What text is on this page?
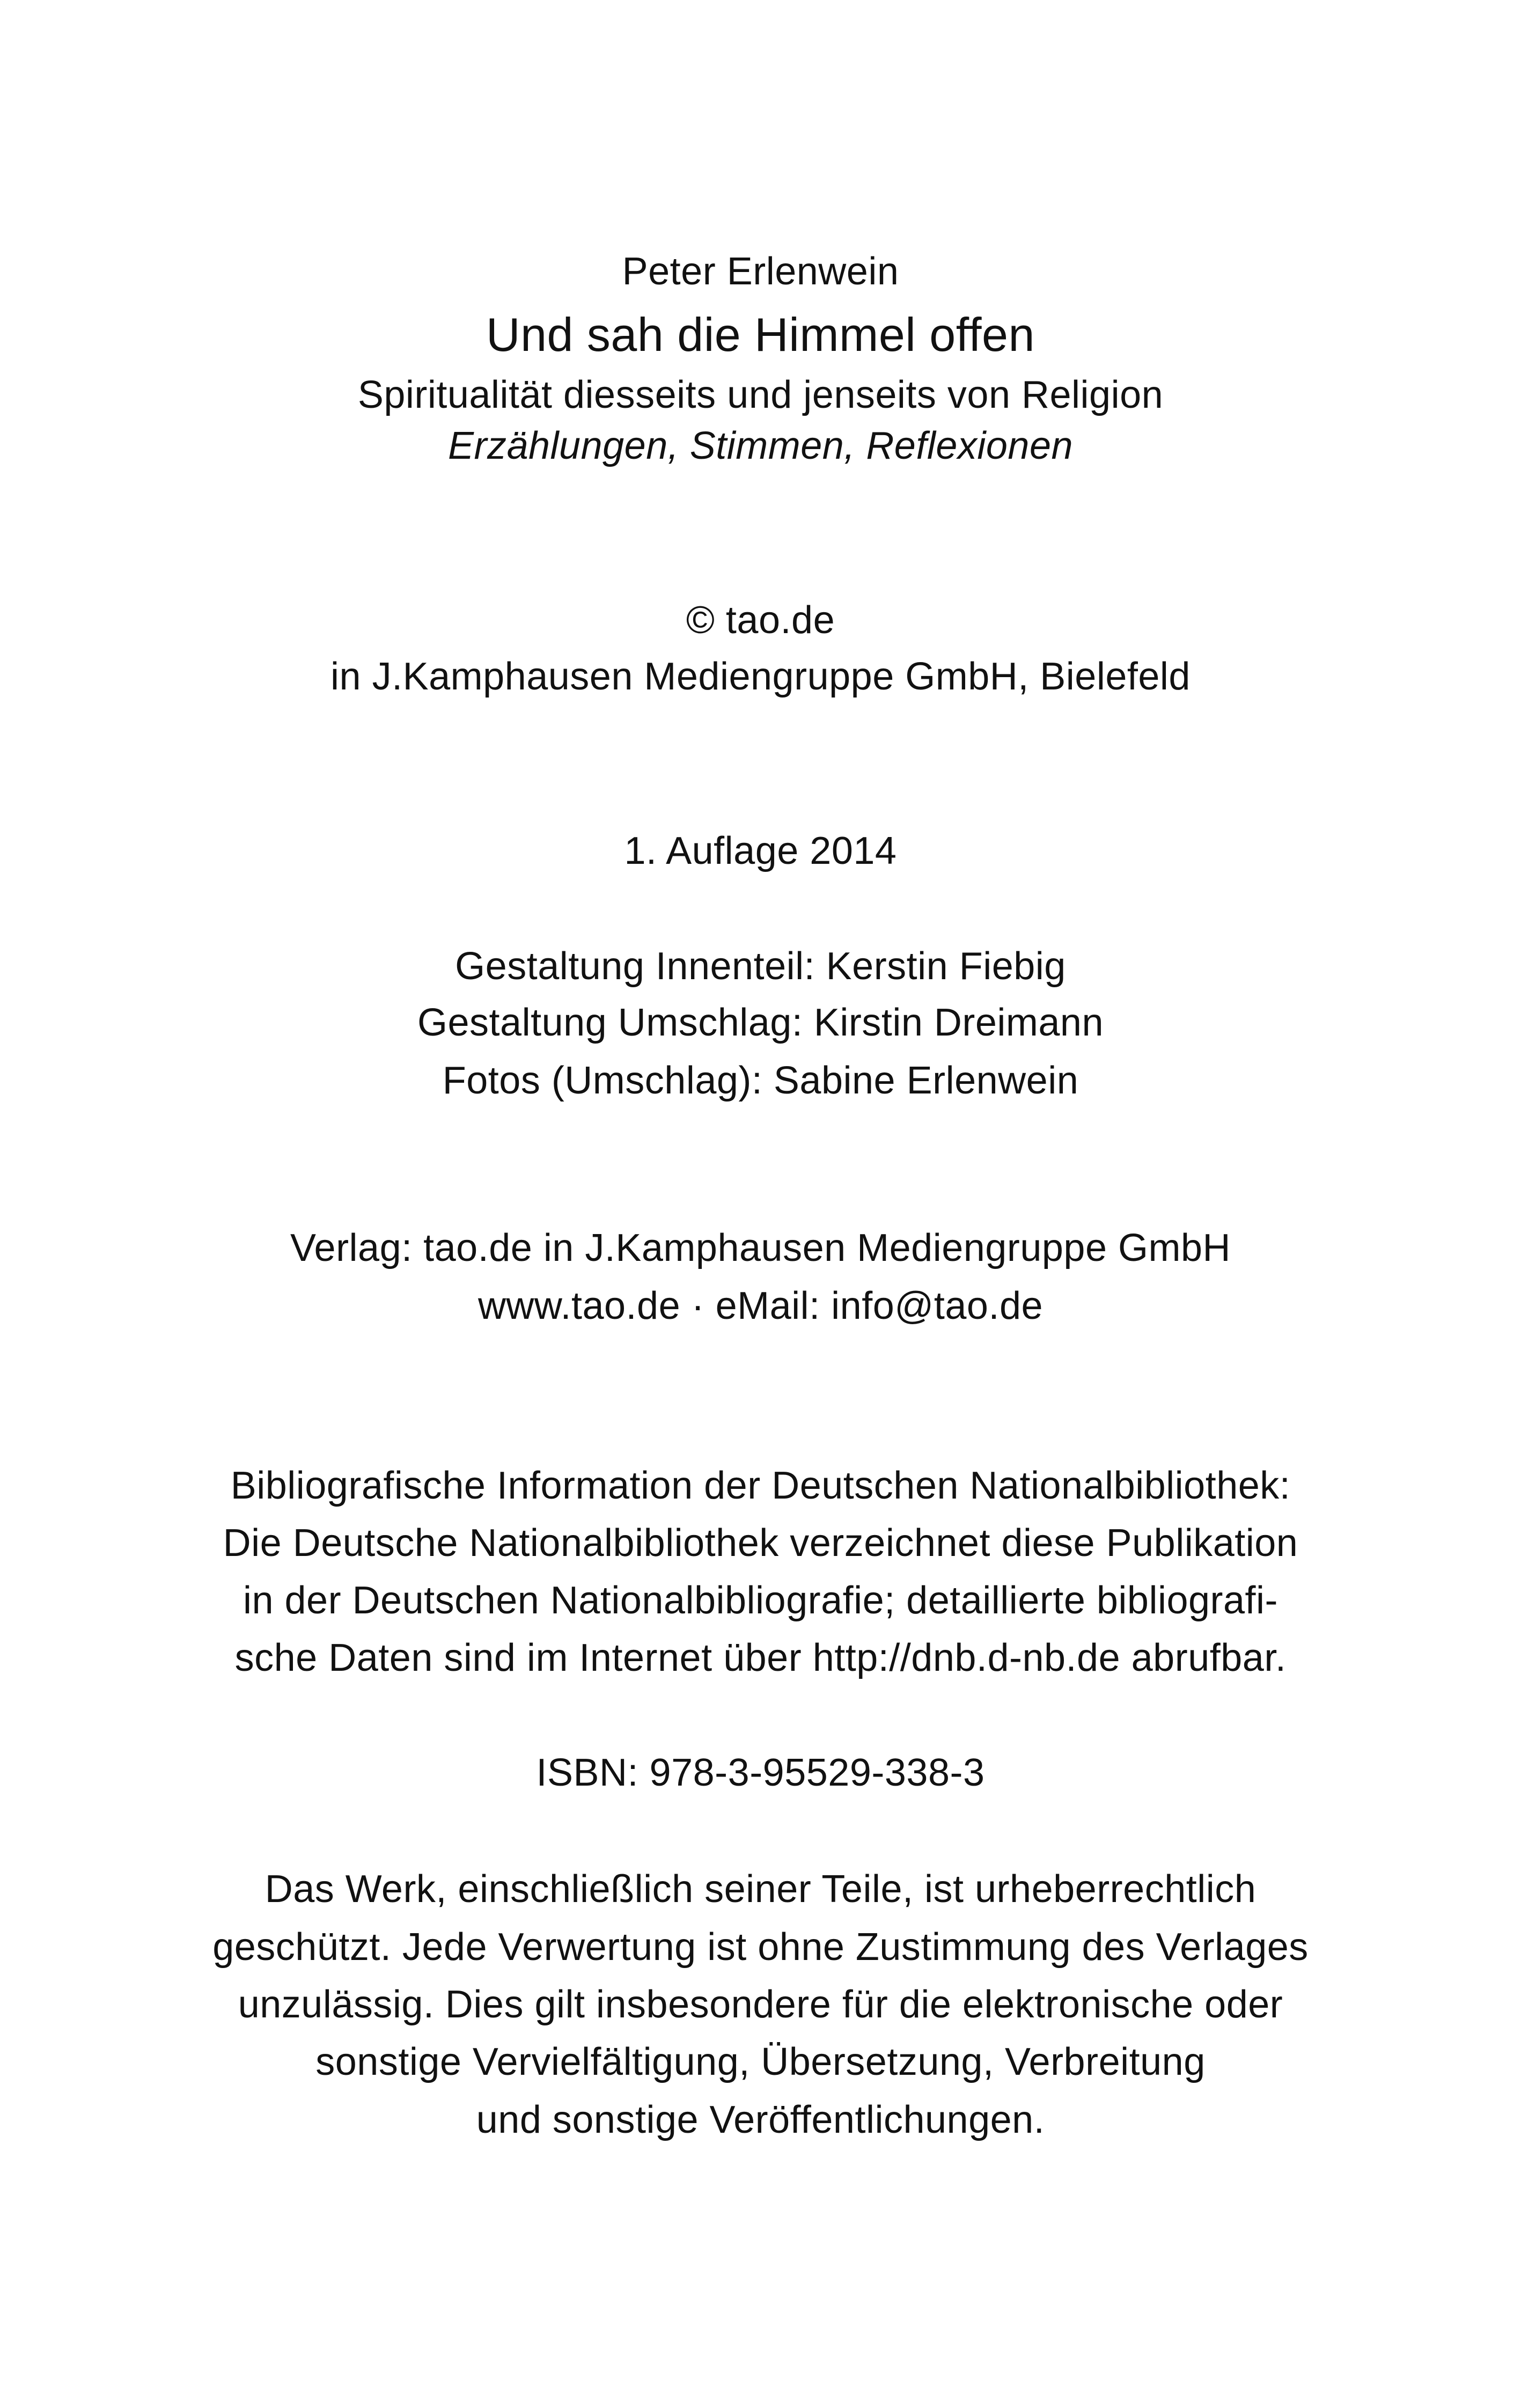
Peter Erlenwein
Und sah die Himmel offen
Spiritualität diesseits und jenseits von Religion
Erzählungen, Stimmen, Reflexionen
© tao.de
in J.Kamphausen Mediengruppe GmbH, Bielefeld
1. Auflage 2014
Gestaltung Innenteil: Kerstin Fiebig
Gestaltung Umschlag: Kirstin Dreimann
Fotos (Umschlag): Sabine Erlenwein
Verlag: tao.de in J.Kamphausen Mediengruppe GmbH
www.tao.de · eMail: info@tao.de
Bibliografische Information der Deutschen Nationalbibliothek:
Die Deutsche Nationalbibliothek verzeichnet diese Publikation
in der Deutschen Nationalbibliografie; detaillierte bibliografi-
sche Daten sind im Internet über http://dnb.d-nb.de abrufbar.
ISBN: 978-3-95529-338-3
Das Werk, einschließlich seiner Teile, ist urheberrechtlich
geschützt. Jede Verwertung ist ohne Zustimmung des Verlages
unzulässig. Dies gilt insbesondere für die elektronische oder
sonstige Vervielfältigung, Übersetzung, Verbreitung
und sonstige Veröffentlichungen.
